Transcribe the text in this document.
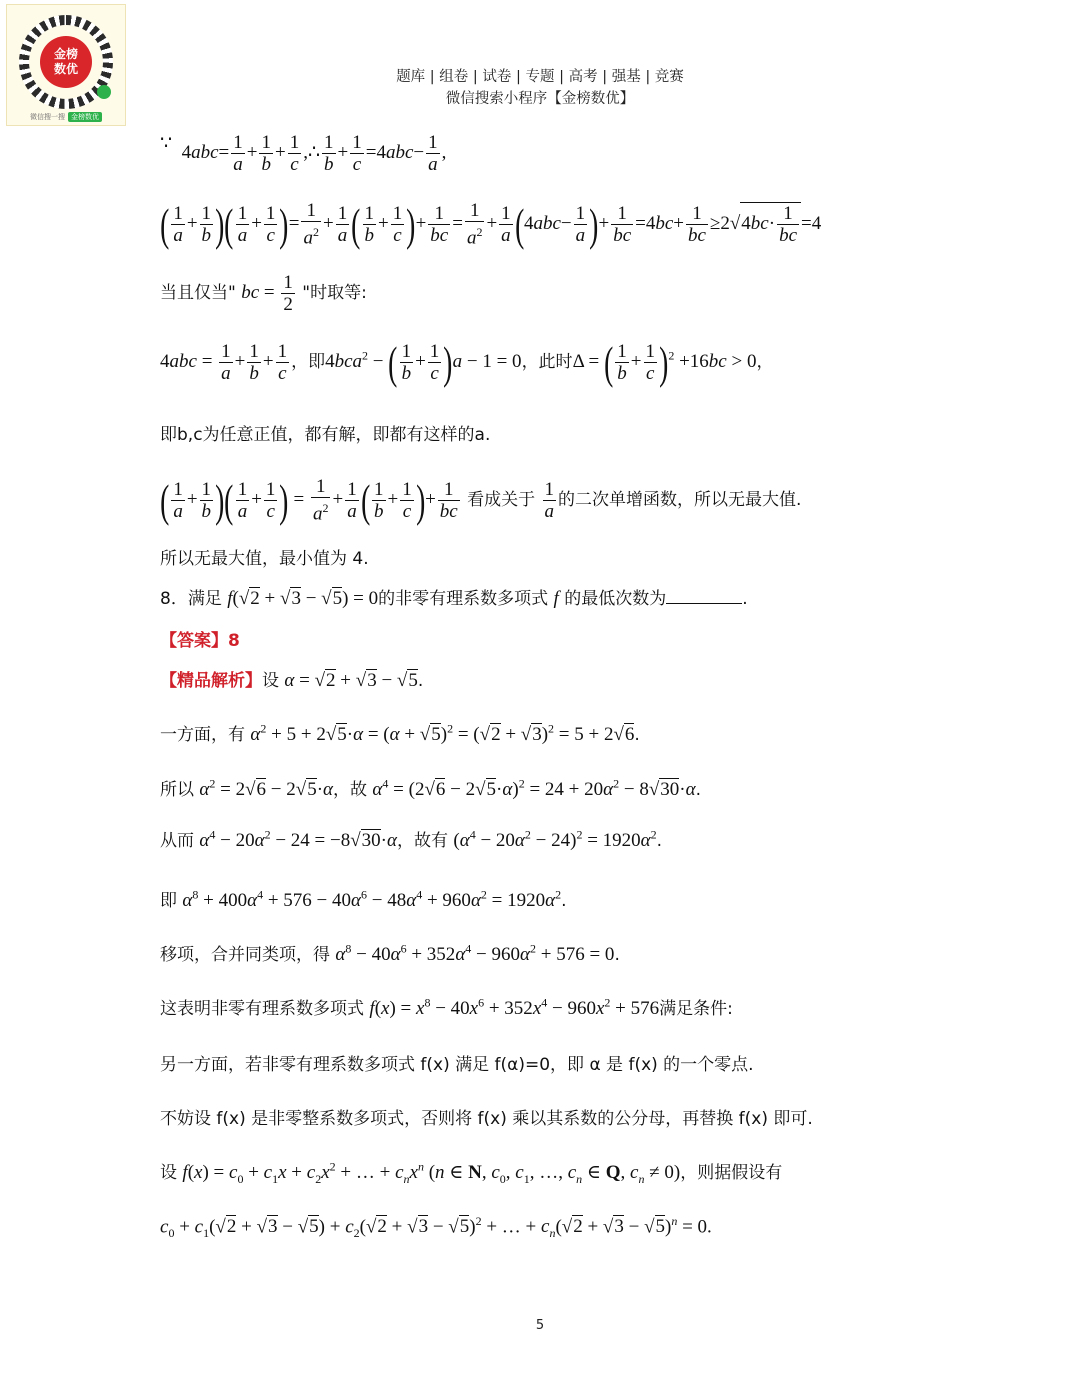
金榜
数优
微信搜一搜 金榜数优
题库 | 组卷 | 试卷 | 专题 | 高考 | 强基 | 竞赛
微信搜索小程序【金榜数优】
∵  $4abc= \frac{1}{a} + \frac{1}{b} + \frac{1}{c}$ ,∴ $\frac{1}{b} + \frac{1}{c} =4abc- \frac{1}{a}$ ,
( $\frac{1}{a} + \frac{1}{b}$ )( $\frac{1}{a} + \frac{1}{c}$ )= $\frac{1}{a^2} + \frac{1}{a}$ ( $\frac{1}{b} + \frac{1}{c}$ )+ $\frac{1}{bc} = \frac{1}{a^2} + \frac{1}{a} (4abc- \frac{1}{a}$ )+ $\frac{1}{bc} =4bc+ \frac{1}{bc} \ge 2√4bc\cdot \frac{1}{bc} =4$
当且仅当" bc = $\frac{1}{2}$ "时取等:
$4abc = \frac{1}{a} + \frac{1}{b} + \frac{1}{c}$ ，即4bca$^2$ − ( $\frac{1}{b} + \frac{1}{c} )a - 1 = 0$，此时Δ = ( $\frac{1}{b} + \frac{1}{c} )^2 +16bc > 0$，
即b,c为任意正值，都有解，即都有这样的a.
( $\frac{1}{a} + \frac{1}{b}$ )( $\frac{1}{a} + \frac{1}{c}$ ) = $\frac{1}{a^2} + \frac{1}{a}$ ( $\frac{1}{b} + \frac{1}{c}$ )+ $\frac{1}{bc}$ 看成关于 $\frac{1}{a}$ 的二次单增函数，所以无最大值.
所以无最大值，最小值为 4.
8．满足 f(√2 + √3 − √5) = 0的非零有理系数多项式 f 的最低次数为	.
【答案】8
【精品解析】设 α = √2 + √3 − √5.
一方面，有 $\alpha^2 + 5 + 2√5\cdot\alpha = (\alpha + √5)^2 = (√2 + √3)^2 = 5 + 2√6$.
所以 $\alpha^2 = 2√6 - 2√5\cdot\alpha$，故 $\alpha^4 = (2√6 - 2√5\cdot\alpha)^2 = 24 + 20\alpha^2 - 8√30\cdot\alpha$.
从而 $\alpha^4 - 20\alpha^2 - 24 = -8√30\cdot\alpha$，故有 $(\alpha^4 - 20\alpha^2 - 24)^2 = 1920\alpha^2$.
即 $\alpha^8 + 400\alpha^4 + 576 - 40\alpha^6 - 48\alpha^4 + 960\alpha^2 = 1920\alpha^2$.
移项，合并同类项，得 $\alpha^8 - 40\alpha^6 + 352\alpha^4 - 960\alpha^2 + 576 = 0$.
这表明非零有理系数多项式 $f(x) = x^8 - 40x^6 + 352x^4 - 960x^2 + 576$满足条件:
另一方面，若非零有理系数多项式 f(x) 满足 f(α)=0，即 α 是 f(x) 的一个零点.
不妨设 f(x) 是非零整系数多项式，否则将 f(x) 乘以其系数的公分母，再替换 f(x) 即可.
设 $f(x) = c_0 + c_1x + c_2x^2$ + … + $c_nx^n$ (n ∈ N, $c_0$, $c_1$, …, $c_n$ ∈ Q, $c_n \ne 0$)，则据假设有
$c_0 + c_1(√2 + √3 - √5) + c_2(√2 + √3 - √5)^2$ + … + $c_n(√2 + √3 - √5)^n = 0$.
5
